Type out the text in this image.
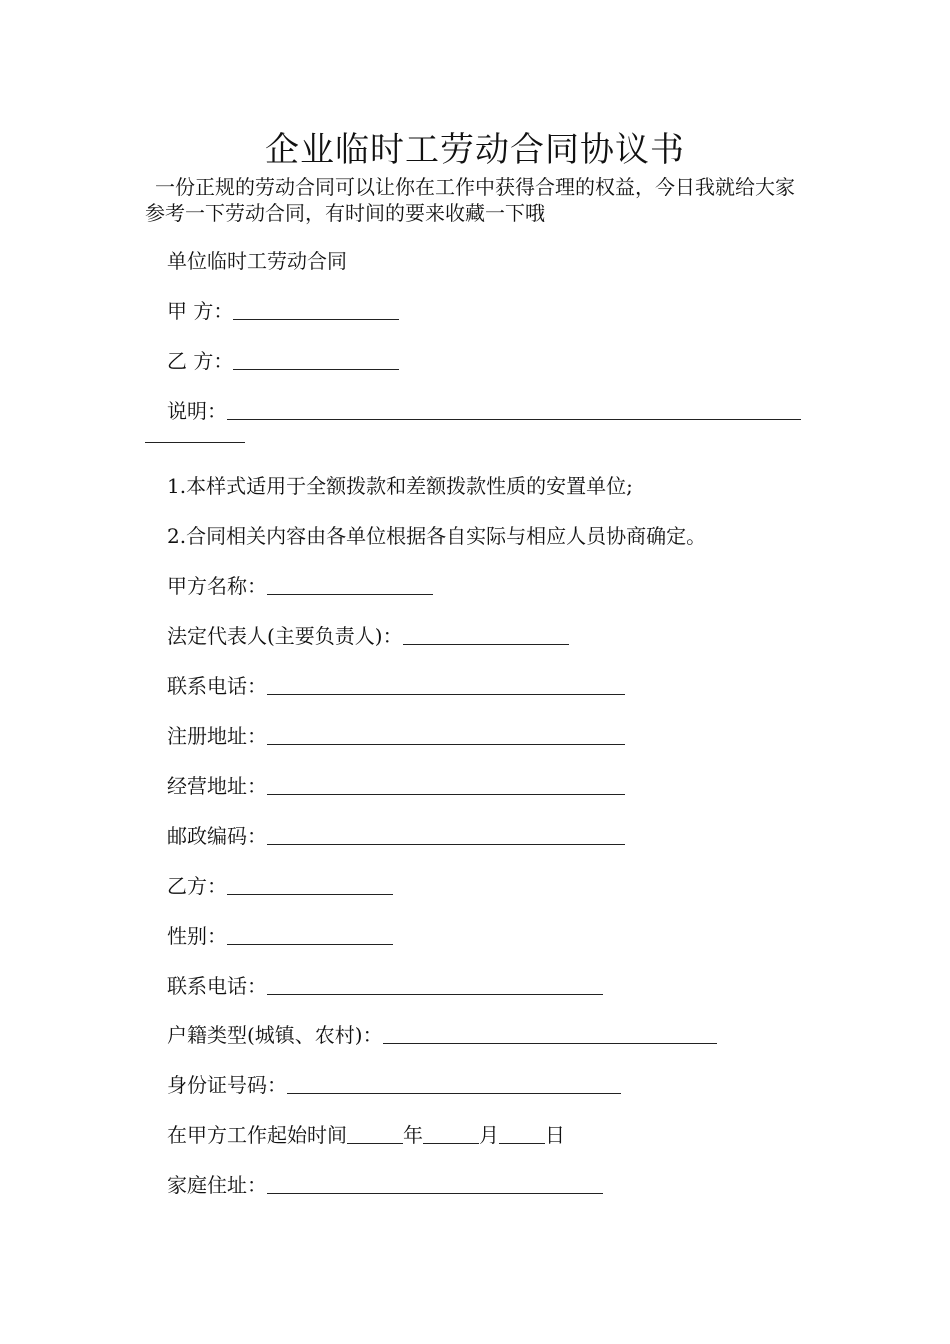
企业临时工劳动合同协议书
一份正规的劳动合同可以让你在工作中获得合理的权益，今日我就给大家参考一下劳动合同，有时间的要来收藏一下哦
单位临时工劳动合同
甲 方：
乙 方：
说明：
1.本样式适用于全额拨款和差额拨款性质的安置单位;
2.合同相关内容由各单位根据各自实际与相应人员协商确定。
甲方名称：
法定代表人(主要负责人)：
联系电话：
注册地址：
经营地址：
邮政编码：
乙方：
性别：
联系电话：
户籍类型(城镇、农村)：
身份证号码：
在甲方工作起始时间	年	月 日
家庭住址：
